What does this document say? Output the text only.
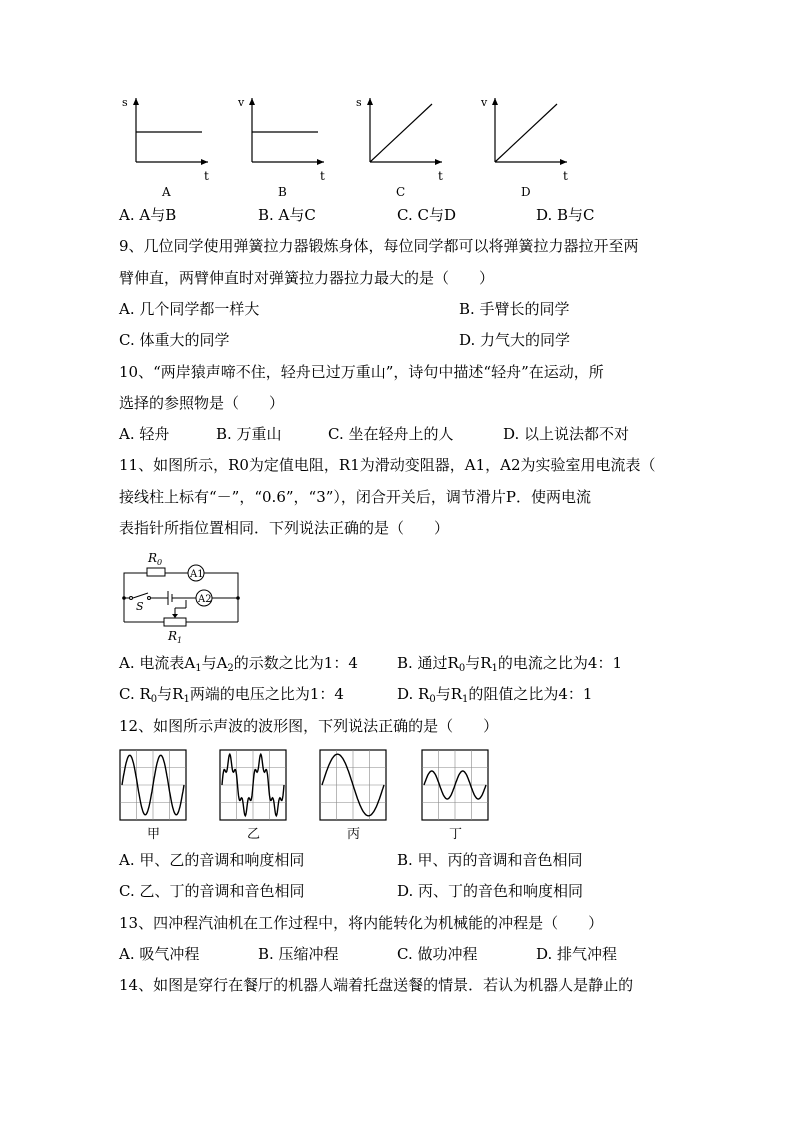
s
t
A
v
t
B
s
t
C
v
t
D
A. A与B	B. A与C	C. C与D	D. B与C
9、几位同学使用弹簧拉力器锻炼身体，每位同学都可以将弹簧拉力器拉开至两
臂伸直，两臂伸直时对弹簧拉力器拉力最大的是（　　）
A. 几个同学都一样大	B. 手臂长的同学
C. 体重大的同学	D. 力气大的同学
10、“两岸猿声啼不住，轻舟已过万重山”，诗句中描述“轻舟”在运动，所
选择的参照物是（　　）
A. 轻舟	B. 万重山	C. 坐在轻舟上的人	D. 以上说法都不对
11、如图所示，R0为定值电阻，R1为滑动变阻器，A1，A2为实验室用电流表（
接线柱上标有“－”，“0.6”，“3”），闭合开关后，调节滑片P．使两电流
表指针所指位置相同．下列说法正确的是（　　）
$R_0$
A1
A2
S
$R_1$
A. 电流表$A_1$与$A_2$的示数之比为1：4	B. 通过$R_0$与$R_1$的电流之比为4：1
C. $R_0$与$R_1$两端的电压之比为1：4	D. $R_0$与$R_1$的阻值之比为4：1
12、如图所示声波的波形图，下列说法正确的是（　　）
甲	乙	丙	丁
A. 甲、乙的音调和响度相同	B. 甲、丙的音调和音色相同
C. 乙、丁的音调和音色相同	D. 丙、丁的音色和响度相同
13、四冲程汽油机在工作过程中，将内能转化为机械能的冲程是（　　）
A. 吸气冲程	B. 压缩冲程	C. 做功冲程	D. 排气冲程
14、如图是穿行在餐厅的机器人端着托盘送餐的情景．若认为机器人是静止的
